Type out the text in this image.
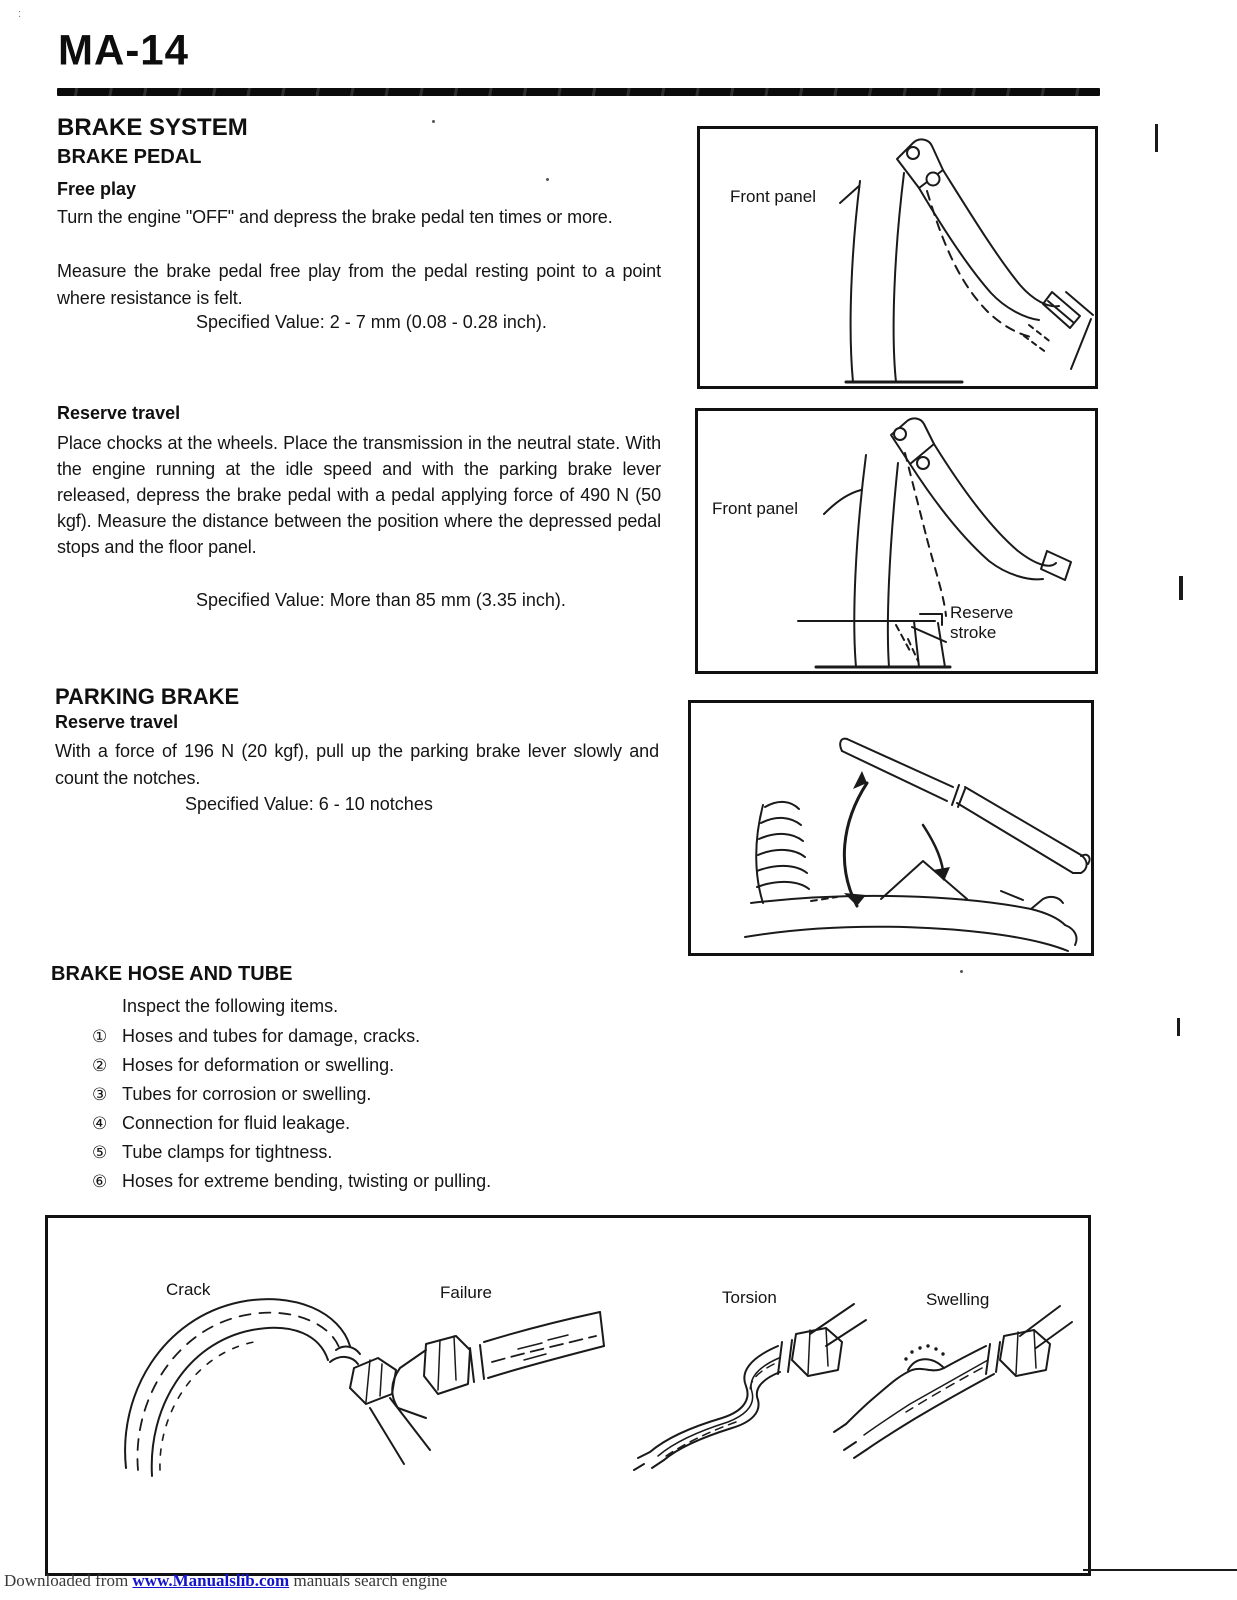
:
MA-14
BRAKE SYSTEM
BRAKE PEDAL
Free play
Turn the engine "OFF" and depress the brake pedal ten times or more.
Measure the brake pedal free play from the pedal resting point to a point where resistance is felt.
Specified Value: 2 - 7 mm (0.08 - 0.28 inch).
Reserve travel
Place chocks at the wheels. Place the transmission in the neutral state. With the engine running at the idle speed and with the parking brake lever released, depress the brake pedal with a pedal applying force of 490 N (50 kgf). Measure the distance between the position where the depressed pedal stops and the floor panel.
Specified Value: More than 85 mm (3.35 inch).
PARKING BRAKE
Reserve travel
With a force of 196 N (20 kgf), pull up the parking brake lever slowly and count the notches.
Specified Value: 6 - 10 notches
BRAKE HOSE AND TUBE
Inspect the following items.
① Hoses and tubes for damage, cracks.
② Hoses for deformation or swelling.
③ Tubes for corrosion or swelling.
④ Connection for fluid leakage.
⑤ Tube clamps for tightness.
⑥ Hoses for extreme bending, twisting or pulling.
Front panel
Front panel
Reserve stroke
Crack	Failure	Torsion	Swelling
Downloaded from www.Manualslib.com manuals search engine
